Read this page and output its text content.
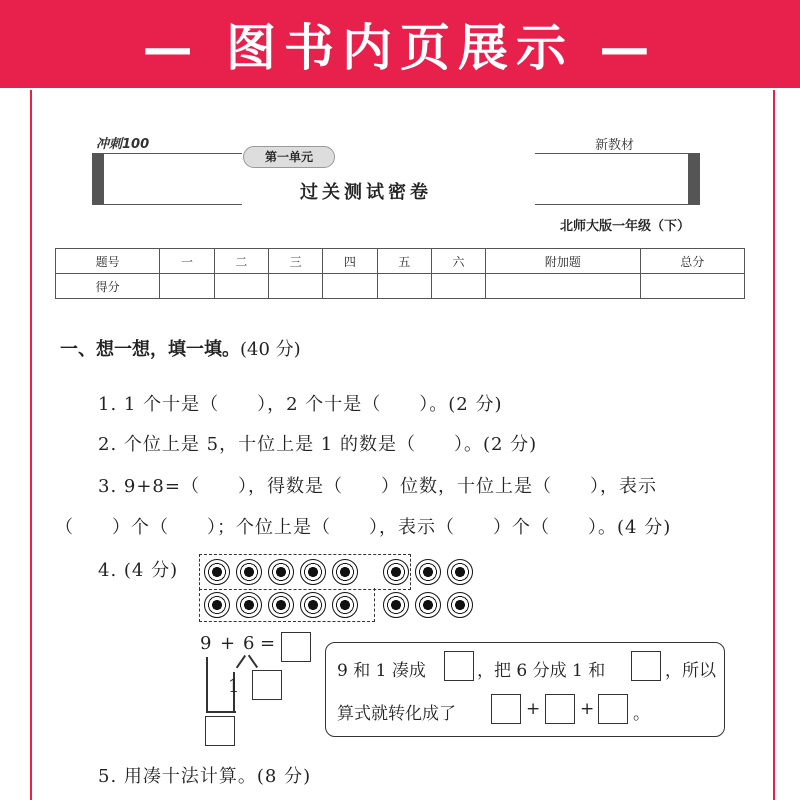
— 图书内页展示 —
冲刺100	新教材
第一单元
过关测试密卷
北师大版一年级（下）
题号	一	二	三	四	五	六	附加题	总分
得分								
一、想一想，填一填。(40 分)
1. 1 个十是（　　），2 个十是（　　）。(2 分)
2. 个位上是 5，十位上是 1 的数是（　　）。(2 分)
3. 9+8=（　　），得数是（　　）位数，十位上是（　　），表示
（　　）个（　　）；个位上是（　　），表示（　　）个（　　）。(4 分)
4. (4 分)
9 + 6 =
1
9 和 1 凑成	，把 6 分成 1 和	，所以
算式就转化成了	+ + 。
5. 用凑十法计算。(8 分)
